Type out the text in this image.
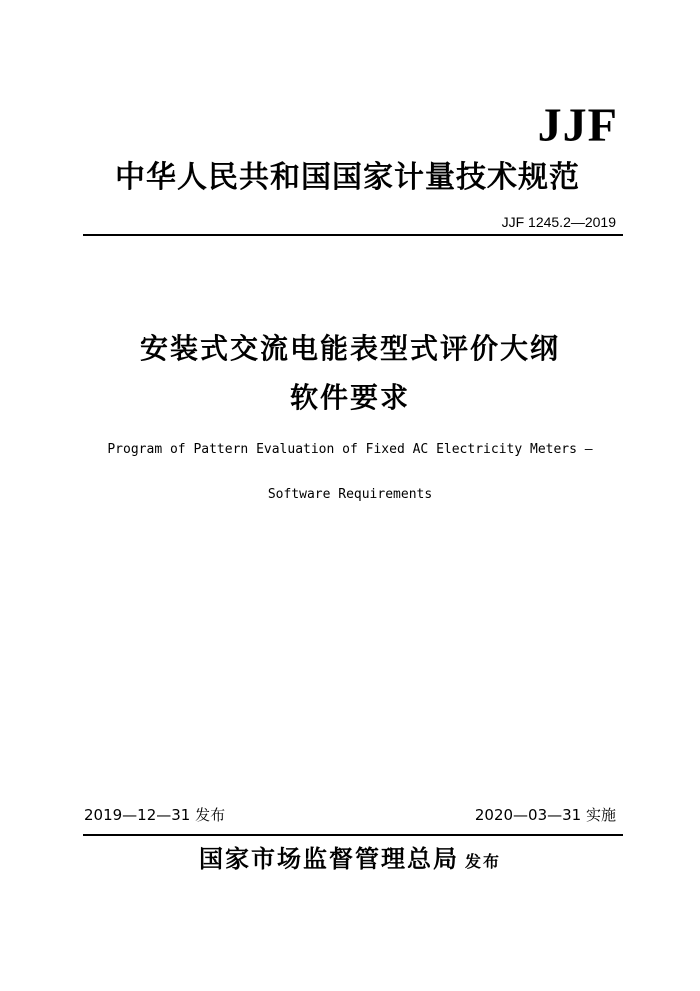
JJF
中华人民共和国国家计量技术规范
JJF 1245.2—2019
安装式交流电能表型式评价大纲
软件要求
Program of Pattern Evaluation of Fixed AC Electricity Meters —
Software Requirements
2019—12—31 发布	2020—03—31 实施
国家市场监督管理总局 发布
